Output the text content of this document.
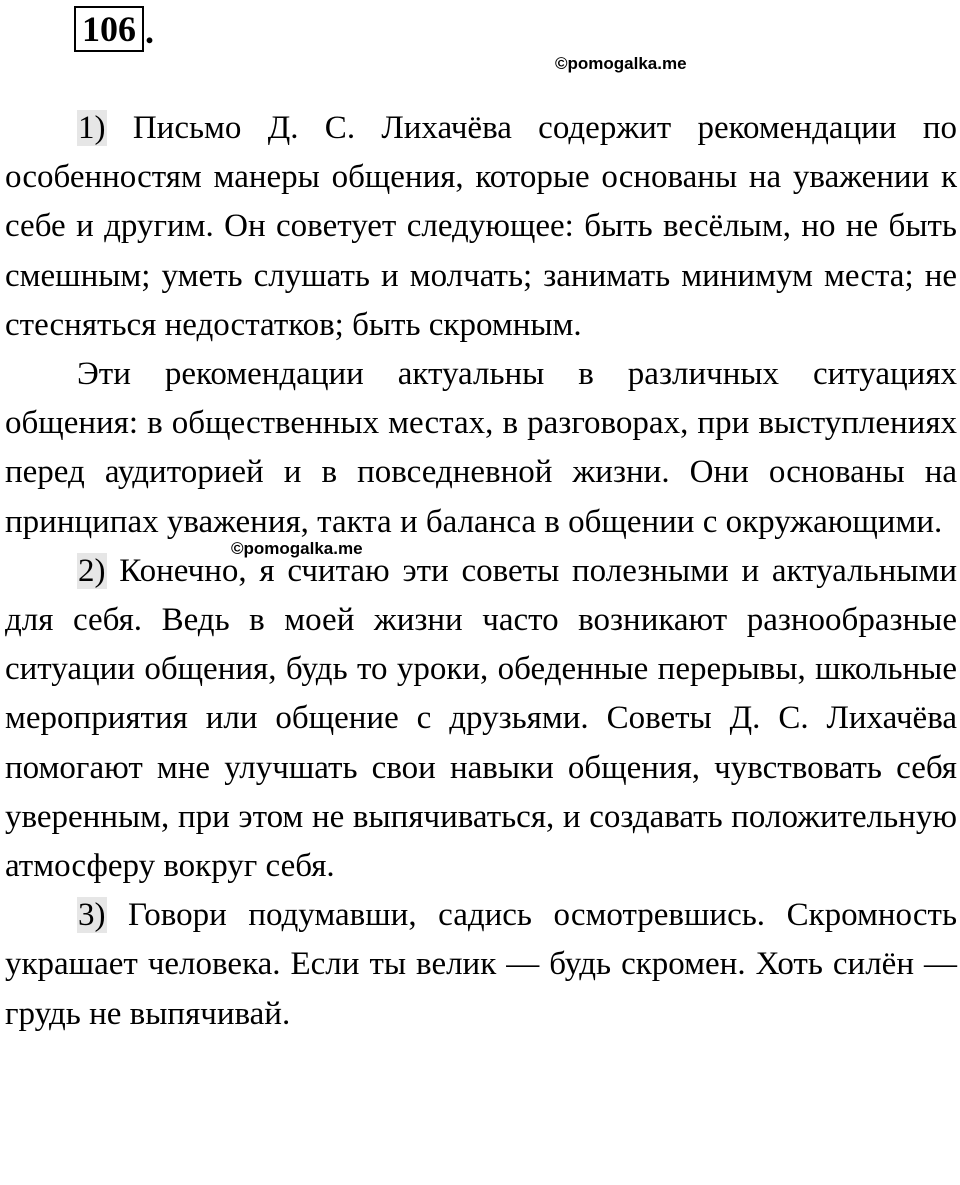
106 .
©pomogalka.me

1) Письмо Д. С. Лихачёва содержит рекомендации по особенностям манеры общения, которые основаны на уважении к себе и другим. Он советует следующее: быть весёлым, но не быть смешным; уметь слушать и молчать; занимать минимум места; не стесняться недостатков; быть скромным.

Эти рекомендации актуальны в различных ситуациях общения: в общественных местах, в разговорах, при выступлениях перед аудиторией и в повседневной жизни. Они основаны на принципах уважения, такта и баланса в общении с окружающими.

2) Конечно, я считаю эти советы полезными и актуальными для себя. Ведь в моей жизни часто возникают разнообразные ситуации общения, будь то уроки, обеденные перерывы, школьные мероприятия или общение с друзьями. Советы Д. С. Лихачёва помогают мне улучшать свои навыки общения, чувствовать себя уверенным, при этом не выпячиваться, и создавать положительную атмосферу вокруг себя.

3) Говори подумавши, садись осмотревшись. Скромность украшает человека. Если ты велик — будь скромен. Хоть силён — грудь не выпячивай.

©pomogalka.me
